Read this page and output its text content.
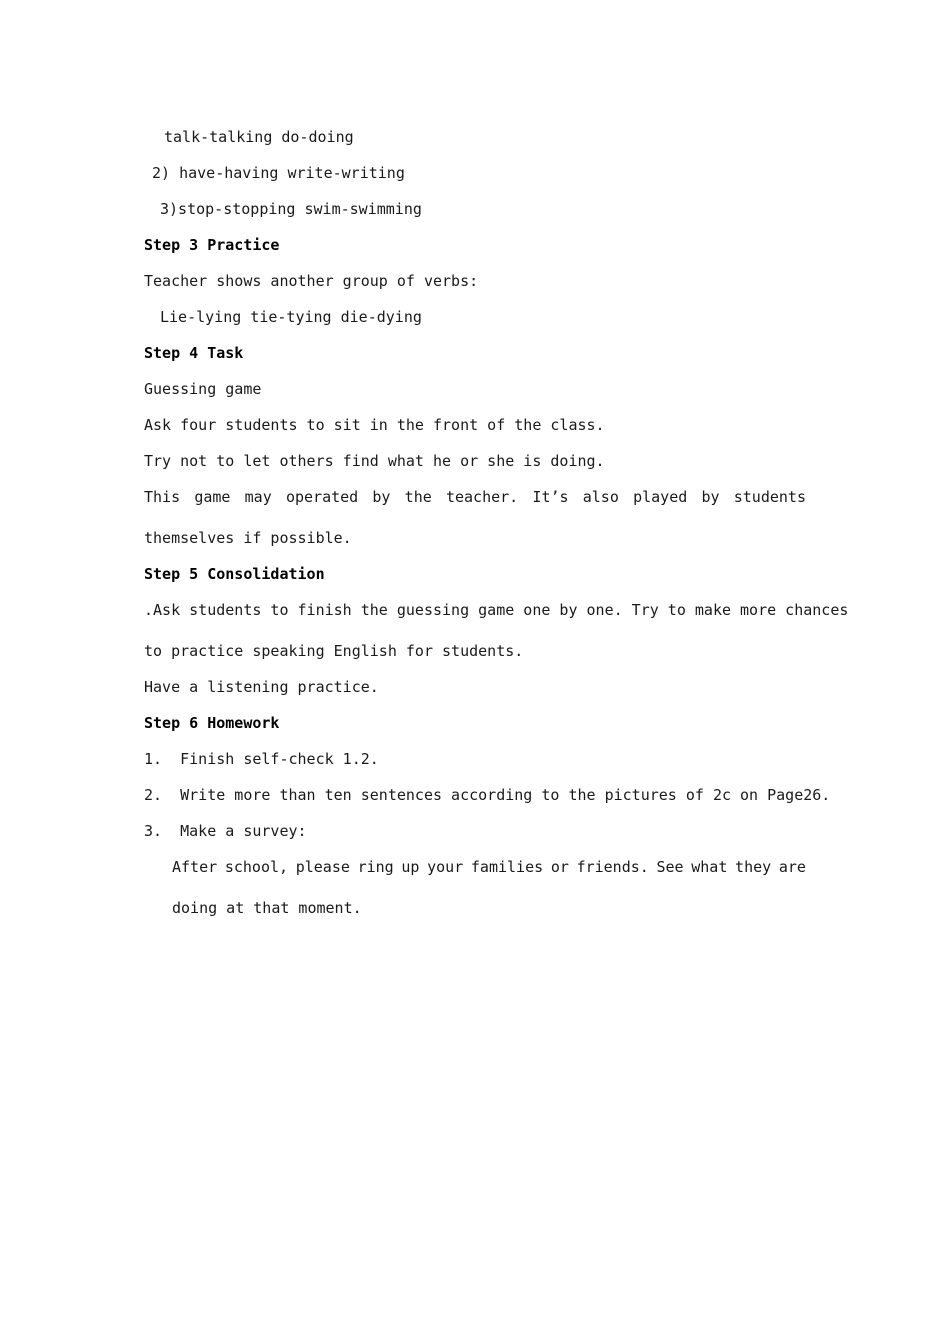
talk-talking do-doing
2) have-having write-writing
3)stop-stopping swim-swimming
Step 3 Practice
Teacher shows another group of verbs:
Lie-lying tie-tying die-dying
Step 4 Task
Guessing game
Ask four students to sit in the front of the class.
Try not to let others find what he or she is doing.
This game may operated by the teacher. It’s also played by students
themselves if possible.
Step 5 Consolidation
.Ask students to finish the guessing game one by one. Try to make more chances
to practice speaking English for students.
Have a listening practice.
Step 6 Homework
1.  Finish self-check 1.2.
2.  Write more than ten sentences according to the pictures of 2c on Page26.
3.  Make a survey:
After school, please ring up your families or friends. See what they are
doing at that moment.
